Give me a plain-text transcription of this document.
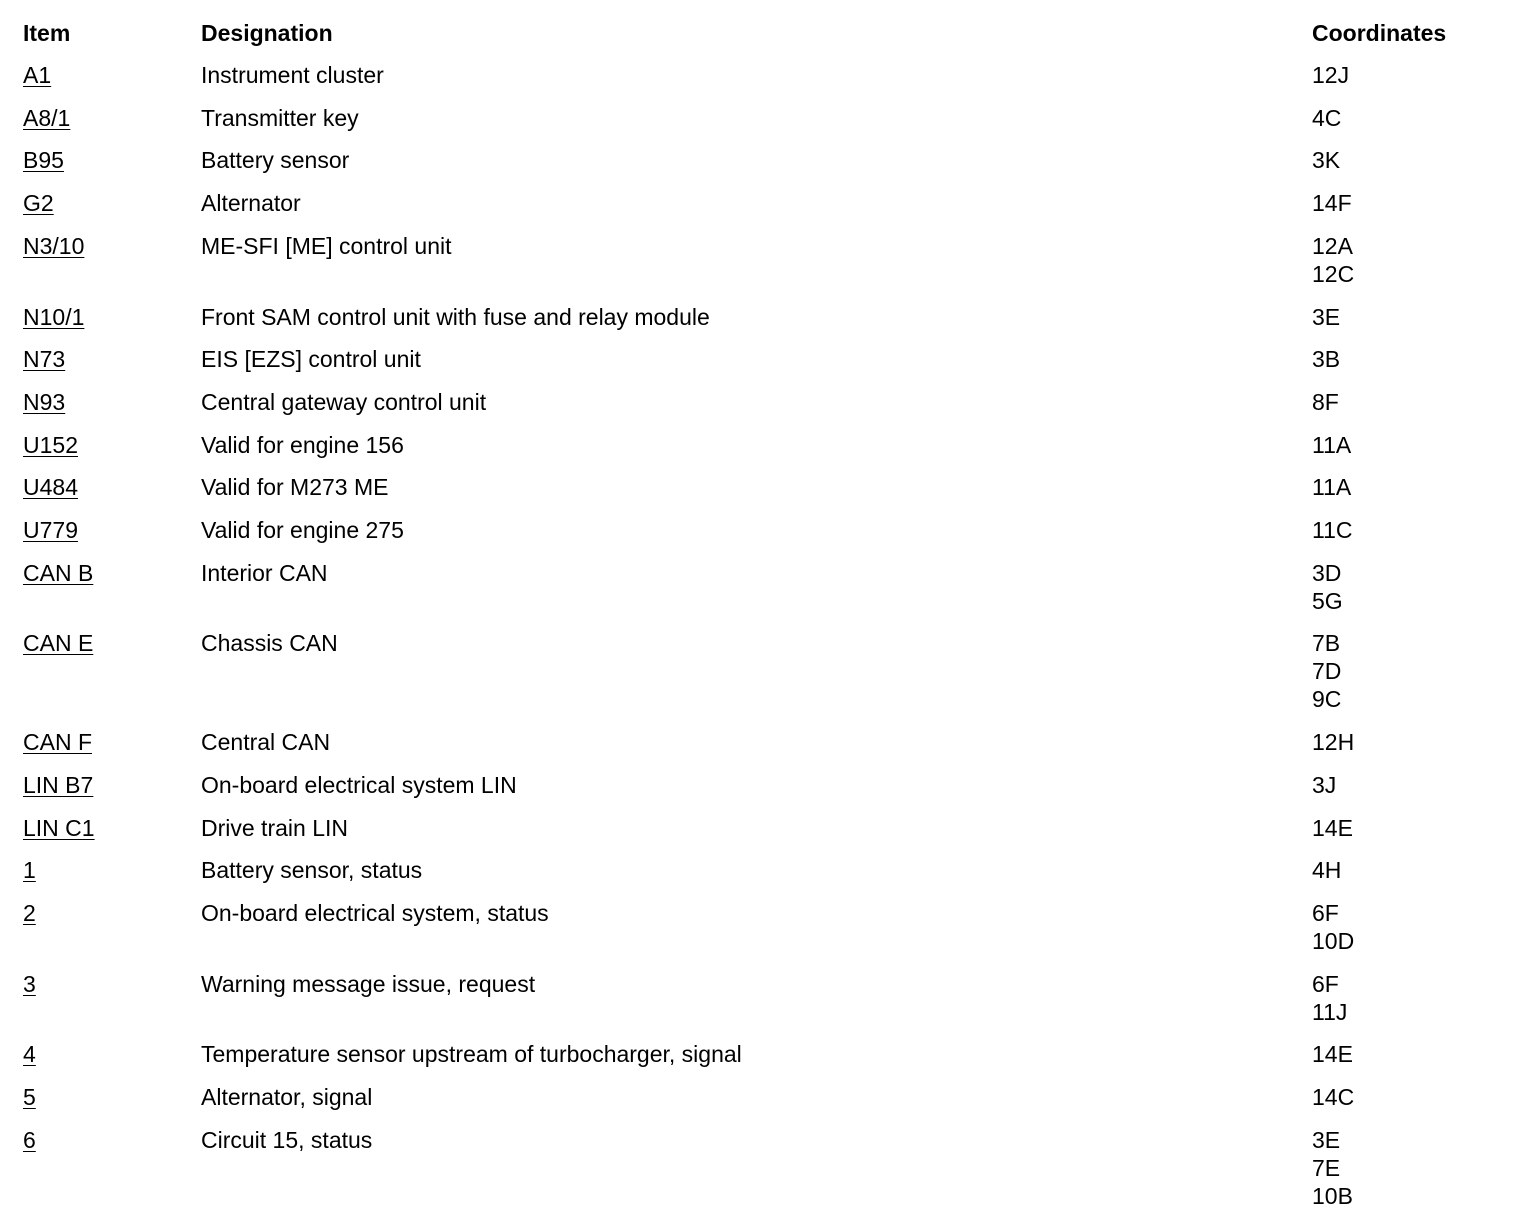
Item	Designation	Coordinates
A1	Instrument cluster	12J
A8/1	Transmitter key	4C
B95	Battery sensor	3K
G2	Alternator	14F
N3/10	ME-SFI [ME] control unit	12A
12C
N10/1	Front SAM control unit with fuse and relay module	3E
N73	EIS [EZS] control unit	3B
N93	Central gateway control unit	8F
U152	Valid for engine 156	11A
U484	Valid for M273 ME	11A
U779	Valid for engine 275	11C
CAN B	Interior CAN	3D
5G
CAN E	Chassis CAN	7B
7D
9C
CAN F	Central CAN	12H
LIN B7	On-board electrical system LIN	3J
LIN C1	Drive train LIN	14E
1	Battery sensor, status	4H
2	On-board electrical system, status	6F
10D
3	Warning message issue, request	6F
11J
4	Temperature sensor upstream of turbocharger, signal	14E
5	Alternator, signal	14C
6	Circuit 15, status	3E
7E
10B
